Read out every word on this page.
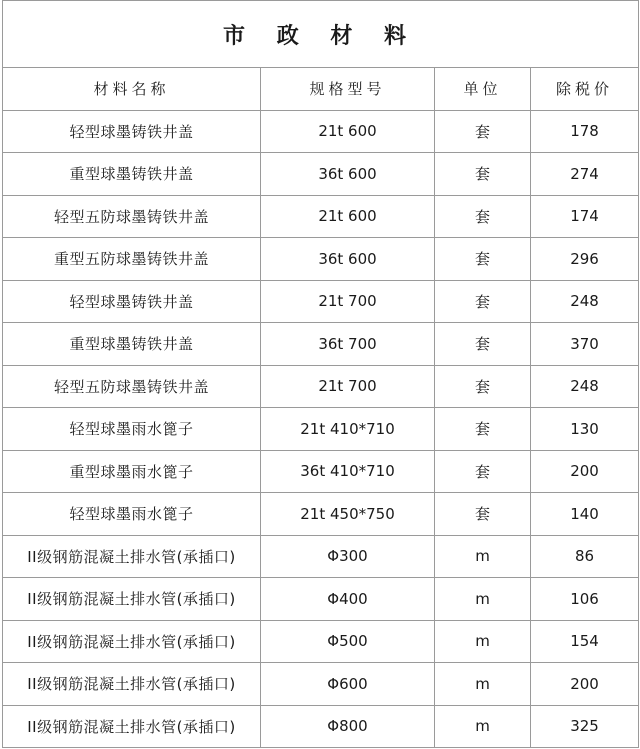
市 政 材 料			
材料名称	规格型号	单位	除税价
轻型球墨铸铁井盖	21t 600	套	178
重型球墨铸铁井盖	36t 600	套	274
轻型五防球墨铸铁井盖	21t 600	套	174
重型五防球墨铸铁井盖	36t 600	套	296
轻型球墨铸铁井盖	21t 700	套	248
重型球墨铸铁井盖	36t 700	套	370
轻型五防球墨铸铁井盖	21t 700	套	248
轻型球墨雨水篦子	21t 410*710	套	130
重型球墨雨水篦子	36t 410*710	套	200
轻型球墨雨水篦子	21t 450*750	套	140
II级钢筋混凝土排水管(承插口)	Φ300	m	86
II级钢筋混凝土排水管(承插口)	Φ400	m	106
II级钢筋混凝土排水管(承插口)	Φ500	m	154
II级钢筋混凝土排水管(承插口)	Φ600	m	200
II级钢筋混凝土排水管(承插口)	Φ800	m	325
